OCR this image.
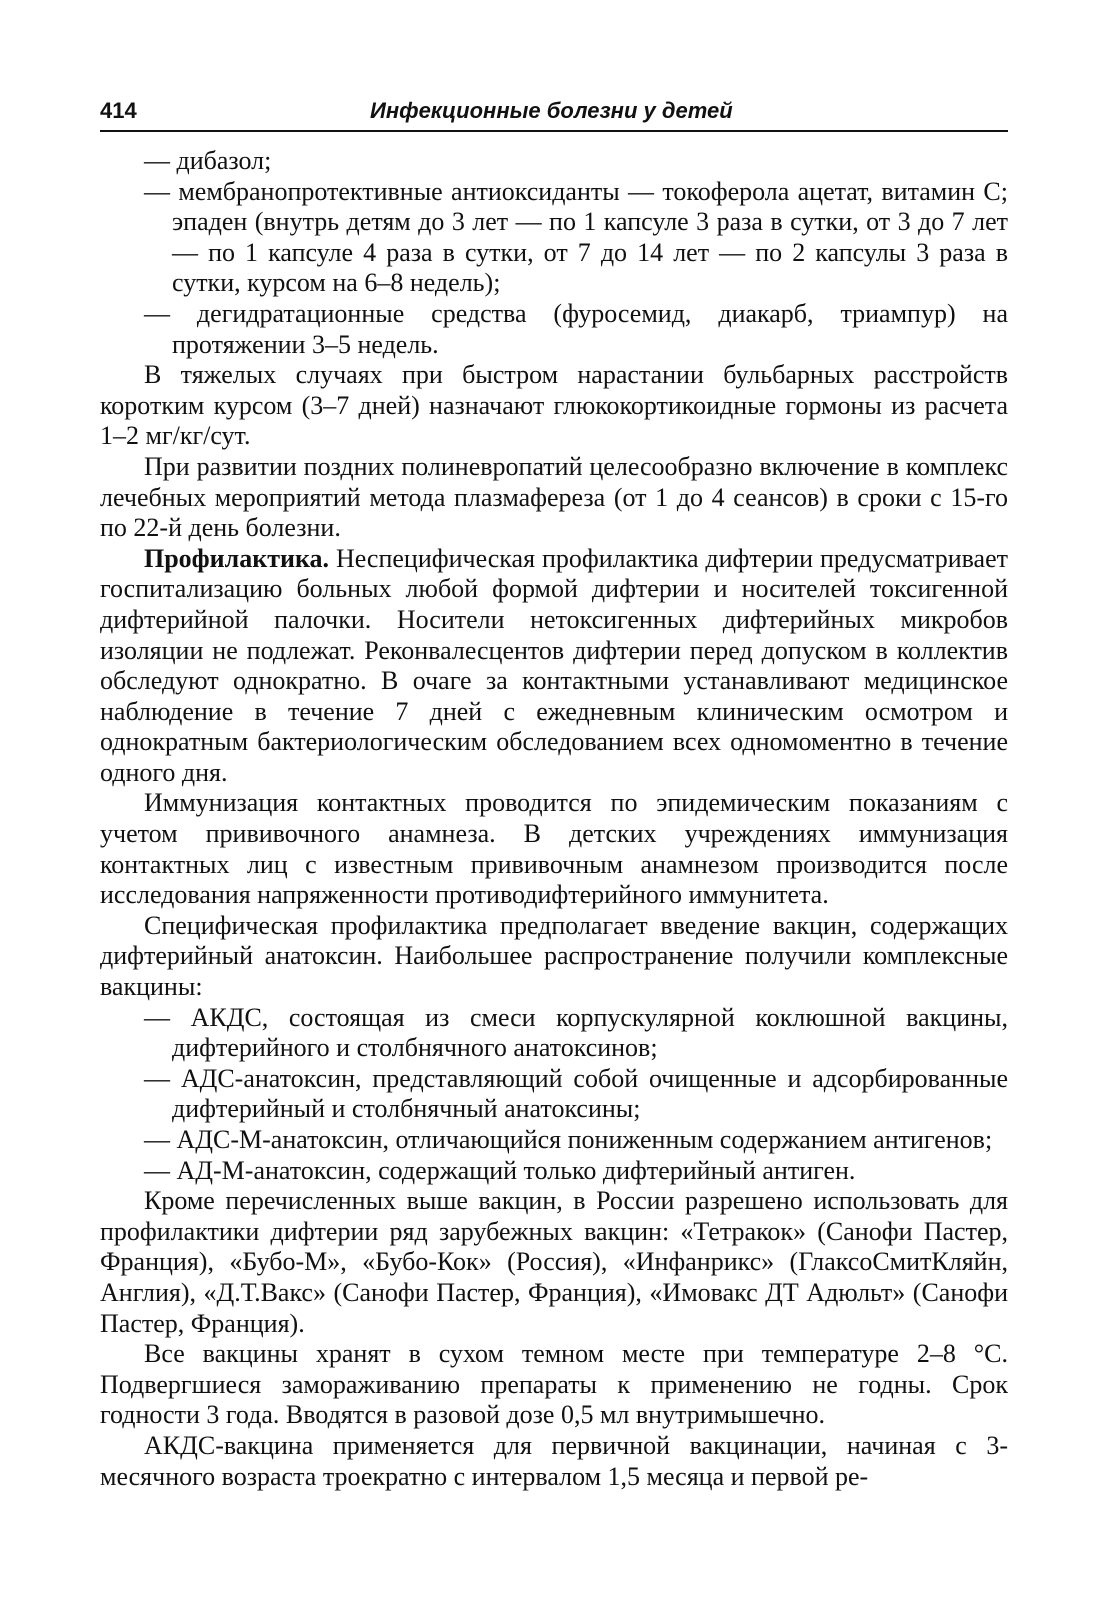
414	Инфекционные болезни у детей
— дибазол;
— мембранопротективные антиоксиданты — токоферола ацетат, витамин С; эпаден (внутрь детям до 3 лет — по 1 капсуле 3 раза в сутки, от 3 до 7 лет — по 1 капсуле 4 раза в сутки, от 7 до 14 лет — по 2 капсулы 3 раза в сутки, курсом на 6–8 недель);
— дегидратационные средства (фуросемид, диакарб, триампур) на протяжении 3–5 недель.
В тяжелых случаях при быстром нарастании бульбарных расстройств коротким курсом (3–7 дней) назначают глюкокортикоидные гормоны из расчета 1–2 мг/кг/сут.
При развитии поздних полиневропатий целесообразно включение в комплекс лечебных мероприятий метода плазмафереза (от 1 до 4 сеансов) в сроки с 15-го по 22-й день болезни.
Профилактика. Неспецифическая профилактика дифтерии предусматривает госпитализацию больных любой формой дифтерии и носителей токсигенной дифтерийной палочки. Носители нетоксигенных дифтерийных микробов изоляции не подлежат. Реконвалесцентов дифтерии перед допуском в коллектив обследуют однократно. В очаге за контактными устанавливают медицинское наблюдение в течение 7 дней с ежедневным клиническим осмотром и однократным бактериологическим обследованием всех одномоментно в течение одного дня.
Иммунизация контактных проводится по эпидемическим показаниям с учетом прививочного анамнеза. В детских учреждениях иммунизация контактных лиц с известным прививочным анамнезом производится после исследования напряженности противодифтерийного иммунитета.
Специфическая профилактика предполагает введение вакцин, содержащих дифтерийный анатоксин. Наибольшее распространение получили комплексные вакцины:
— АКДС, состоящая из смеси корпускулярной коклюшной вакцины, дифтерийного и столбнячного анатоксинов;
— АДС-анатоксин, представляющий собой очищенные и адсорбированные дифтерийный и столбнячный анатоксины;
— АДС-М-анатоксин, отличающийся пониженным содержанием антигенов;
— АД-М-анатоксин, содержащий только дифтерийный антиген.
Кроме перечисленных выше вакцин, в России разрешено использовать для профилактики дифтерии ряд зарубежных вакцин: «Тетракок» (Санофи Пастер, Франция), «Бубо-М», «Бубо-Кок» (Россия), «Инфанрикс» (ГлаксоСмитКляйн, Англия), «Д.Т.Вакс» (Санофи Пастер, Франция), «Имовакс ДТ Адюльт» (Санофи Пастер, Франция).
Все вакцины хранят в сухом темном месте при температуре 2–8 °С. Подвергшиеся замораживанию препараты к применению не годны. Срок годности 3 года. Вводятся в разовой дозе 0,5 мл внутримышечно.
АКДС-вакцина применяется для первичной вакцинации, начиная с 3-месячного возраста троекратно с интервалом 1,5 месяца и первой ре-
